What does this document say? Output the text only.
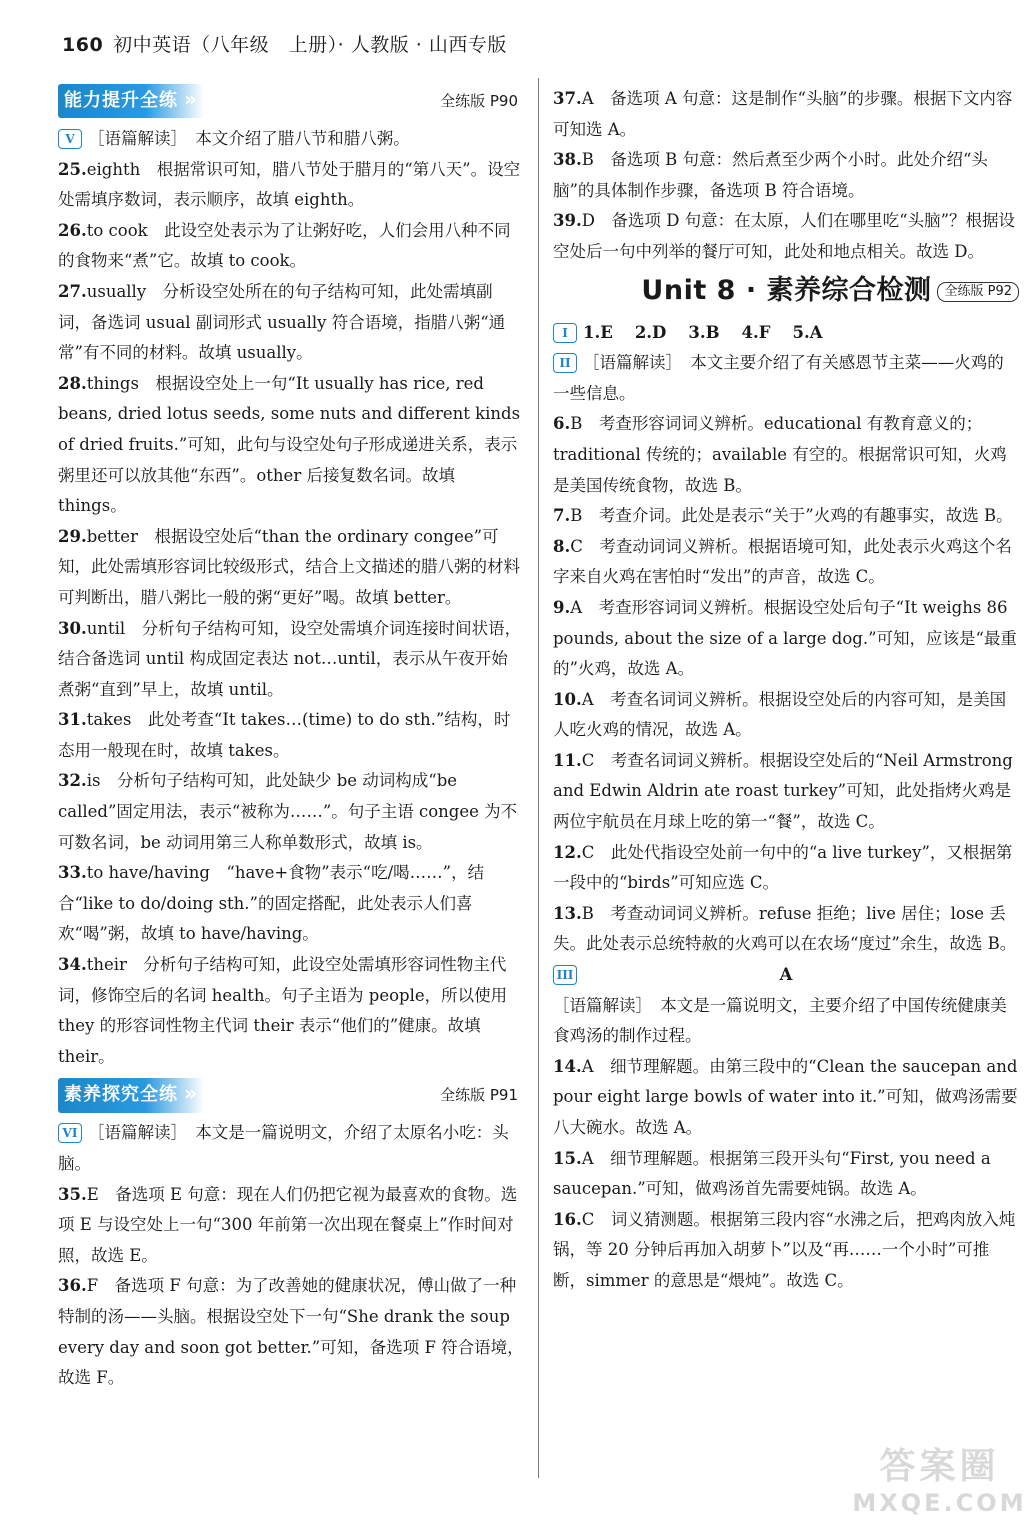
160 初中英语（八年级　上册）· 人教版 · 山西专版
能力提升全练 »	全练版 P90
V ［语篇解读］　本文介绍了腊八节和腊八粥。
25.eighth　根据常识可知，腊八节处于腊月的“第八天”。设空处需填序数词，表示顺序，故填 eighth。
26.to cook　此设空处表示为了让粥好吃，人们会用八种不同的食物来“煮”它。故填 to cook。
27.usually　分析设空处所在的句子结构可知，此处需填副词，备选词 usual 副词形式 usually 符合语境，指腊八粥“通常”有不同的材料。故填 usually。
28.things　根据设空处上一句“It usually has rice, red beans, dried lotus seeds, some nuts and different kinds of dried fruits.”可知，此句与设空处句子形成递进关系，表示粥里还可以放其他“东西”。other 后接复数名词。故填 things。
29.better　根据设空处后“than the ordinary congee”可知，此处需填形容词比较级形式，结合上文描述的腊八粥的材料可判断出，腊八粥比一般的粥“更好”喝。故填 better。
30.until　分析句子结构可知，设空处需填介词连接时间状语，结合备选词 until 构成固定表达 not…until，表示从午夜开始煮粥“直到”早上，故填 until。
31.takes　此处考查“It takes…(time) to do sth.”结构，时态用一般现在时，故填 takes。
32.is　分析句子结构可知，此处缺少 be 动词构成“be called”固定用法，表示“被称为……”。句子主语 congee 为不可数名词，be 动词用第三人称单数形式，故填 is。
33.to have/having　“have+食物”表示“吃/喝……”，结合“like to do/doing sth.”的固定搭配，此处表示人们喜欢“喝”粥，故填 to have/having。
34.their　分析句子结构可知，此设空处需填形容词性物主代词，修饰空后的名词 health。句子主语为 people，所以使用 they 的形容词性物主代词 their 表示“他们的”健康。故填 their。
素养探究全练 »	全练版 P91
VI ［语篇解读］　本文是一篇说明文，介绍了太原名小吃：头脑。
35.E　备选项 E 句意：现在人们仍把它视为最喜欢的食物。选项 E 与设空处上一句“300 年前第一次出现在餐桌上”作时间对照，故选 E。
36.F　备选项 F 句意：为了改善她的健康状况，傅山做了一种特制的汤——头脑。根据设空处下一句“She drank the soup every day and soon got better.”可知，备选项 F 符合语境，故选 F。
37.A　备选项 A 句意：这是制作“头脑”的步骤。根据下文内容可知选 A。
38.B　备选项 B 句意：然后煮至少两个小时。此处介绍“头脑”的具体制作步骤，备选项 B 符合语境。
39.D　备选项 D 句意：在太原，人们在哪里吃“头脑”？根据设空处后一句中列举的餐厅可知，此处和地点相关。故选 D。
Unit 8 · 素养综合检测	全练版 P92
I 1.E 2.D 3.B 4.F 5.A
II ［语篇解读］　本文主要介绍了有关感恩节主菜——火鸡的一些信息。
6.B　考查形容词词义辨析。educational 有教育意义的；traditional 传统的；available 有空的。根据常识可知，火鸡是美国传统食物，故选 B。
7.B　考查介词。此处是表示“关于”火鸡的有趣事实，故选 B。
8.C　考查动词词义辨析。根据语境可知，此处表示火鸡这个名字来自火鸡在害怕时“发出”的声音，故选 C。
9.A　考查形容词词义辨析。根据设空处后句子“It weighs 86 pounds, about the size of a large dog.”可知，应该是“最重的”火鸡，故选 A。
10.A　考查名词词义辨析。根据设空处后的内容可知，是美国人吃火鸡的情况，故选 A。
11.C　考查名词词义辨析。根据设空处后的“Neil Armstrong and Edwin Aldrin ate roast turkey”可知，此处指烤火鸡是两位宇航员在月球上吃的第一“餐”，故选 C。
12.C　此处代指设空处前一句中的“a live turkey”，又根据第一段中的“birds”可知应选 C。
13.B　考查动词词义辨析。refuse 拒绝；live 居住；lose 丢失。此处表示总统特赦的火鸡可以在农场“度过”余生，故选 B。
III	A
［语篇解读］　本文是一篇说明文，主要介绍了中国传统健康美食鸡汤的制作过程。
14.A　细节理解题。由第三段中的“Clean the saucepan and pour eight large bowls of water into it.”可知，做鸡汤需要八大碗水。故选 A。
15.A　细节理解题。根据第三段开头句“First, you need a saucepan.”可知，做鸡汤首先需要炖锅。故选 A。
16.C　词义猜测题。根据第三段内容“水沸之后，把鸡肉放入炖锅，等 20 分钟后再加入胡萝卜”以及“再……一个小时”可推断，simmer 的意思是“煨炖”。故选 C。
答案圈
MXQE.COM
